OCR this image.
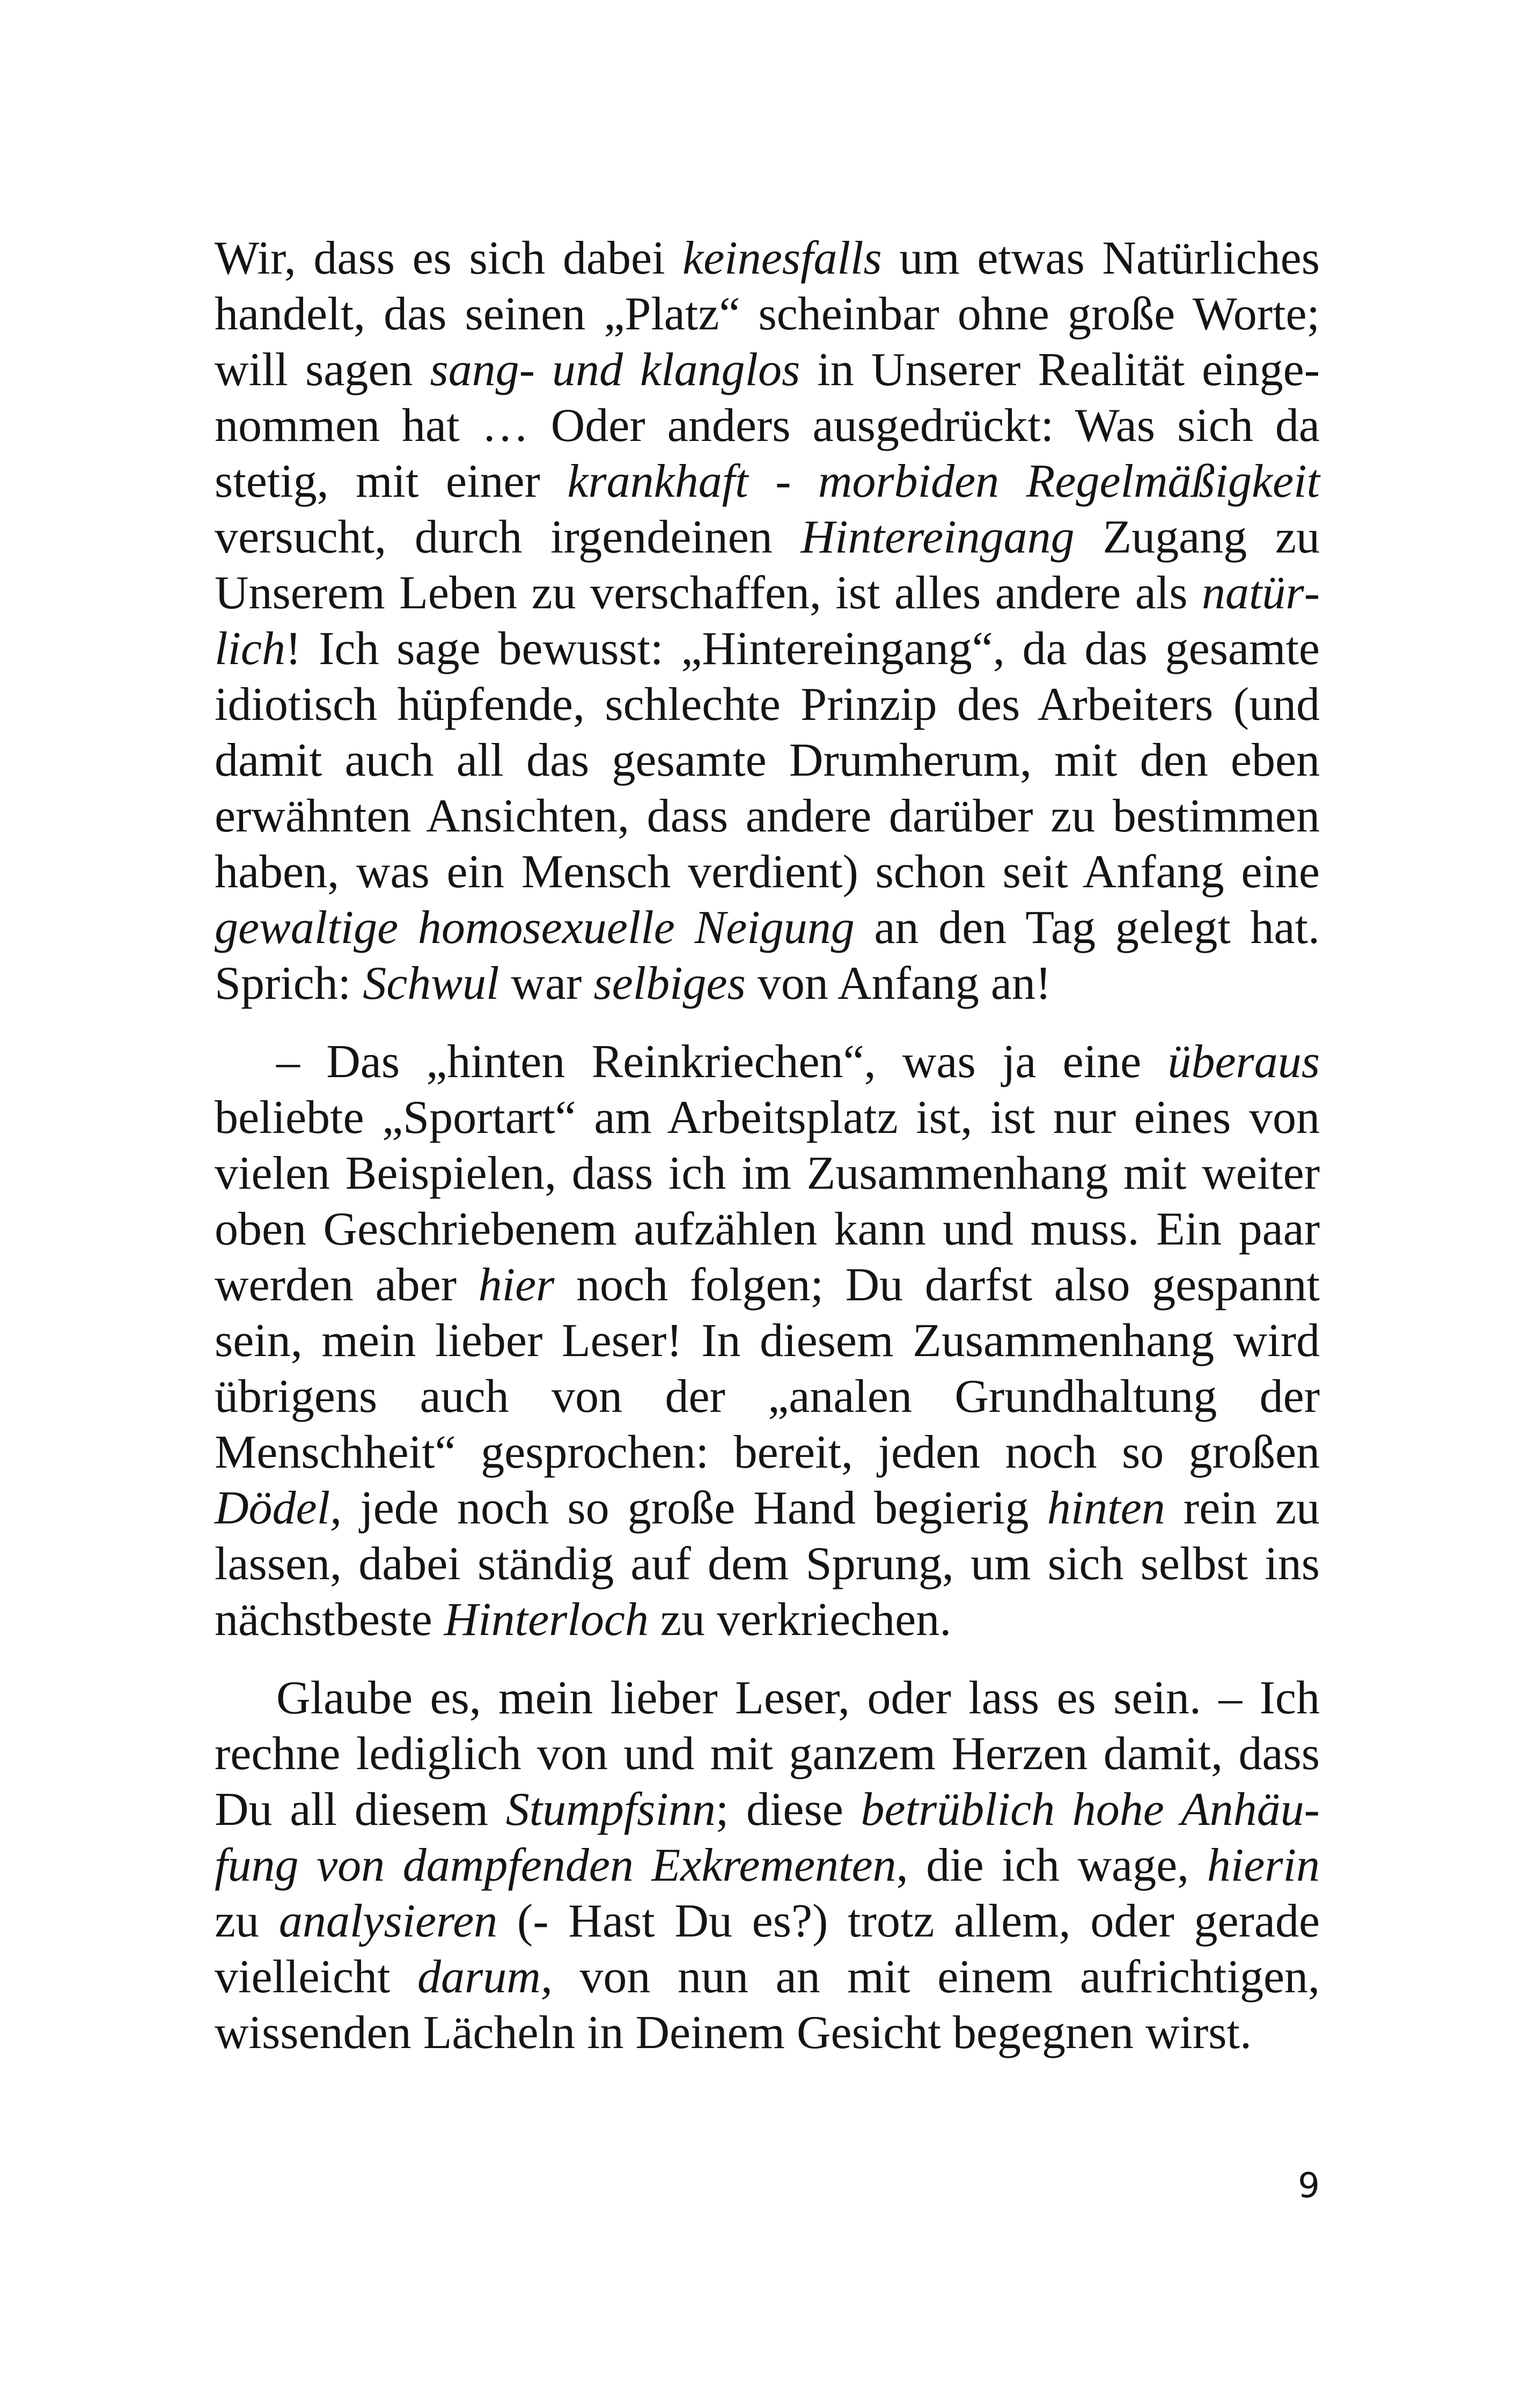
Wir, dass es sich dabei keinesfalls um etwas Natürliches handelt, das seinen „Platz“ scheinbar ohne große Worte; will sagen sang- und klanglos in Unserer Realität eingenommen hat … Oder anders ausgedrückt: Was sich da stetig, mit einer krankhaft - morbiden Regelmäßigkeit versucht, durch irgendeinen Hintereingang Zugang zu Unserem Leben zu verschaffen, ist alles andere als natürlich! Ich sage bewusst: „Hintereingang“, da das gesamte idiotisch hüpfende, schlechte Prinzip des Arbeiters (und damit auch all das gesamte Drumherum, mit den eben erwähnten Ansichten, dass andere darüber zu bestimmen haben, was ein Mensch verdient) schon seit Anfang eine gewaltige homosexuelle Neigung an den Tag gelegt hat. Sprich: Schwul war selbiges von Anfang an!

– Das „hinten Reinkriechen“, was ja eine überaus beliebte „Sportart“ am Arbeitsplatz ist, ist nur eines von vielen Beispielen, dass ich im Zusammenhang mit weiter oben Geschriebenem aufzählen kann und muss. Ein paar werden aber hier noch folgen; Du darfst also gespannt sein, mein lieber Leser! In diesem Zusammenhang wird übrigens auch von der „analen Grundhaltung der Menschheit“ gesprochen: bereit, jeden noch so großen Dödel, jede noch so große Hand begierig hinten rein zu lassen, dabei ständig auf dem Sprung, um sich selbst ins nächstbeste Hinterloch zu verkriechen.

Glaube es, mein lieber Leser, oder lass es sein. – Ich rechne lediglich von und mit ganzem Herzen damit, dass Du all diesem Stumpfsinn; diese betrüblich hohe Anhäufung von dampfenden Exkrementen, die ich wage, hierin zu analysieren (- Hast Du es?) trotz allem, oder gerade vielleicht darum, von nun an mit einem aufrichtigen, wissenden Lächeln in Deinem Gesicht begegnen wirst.

9
